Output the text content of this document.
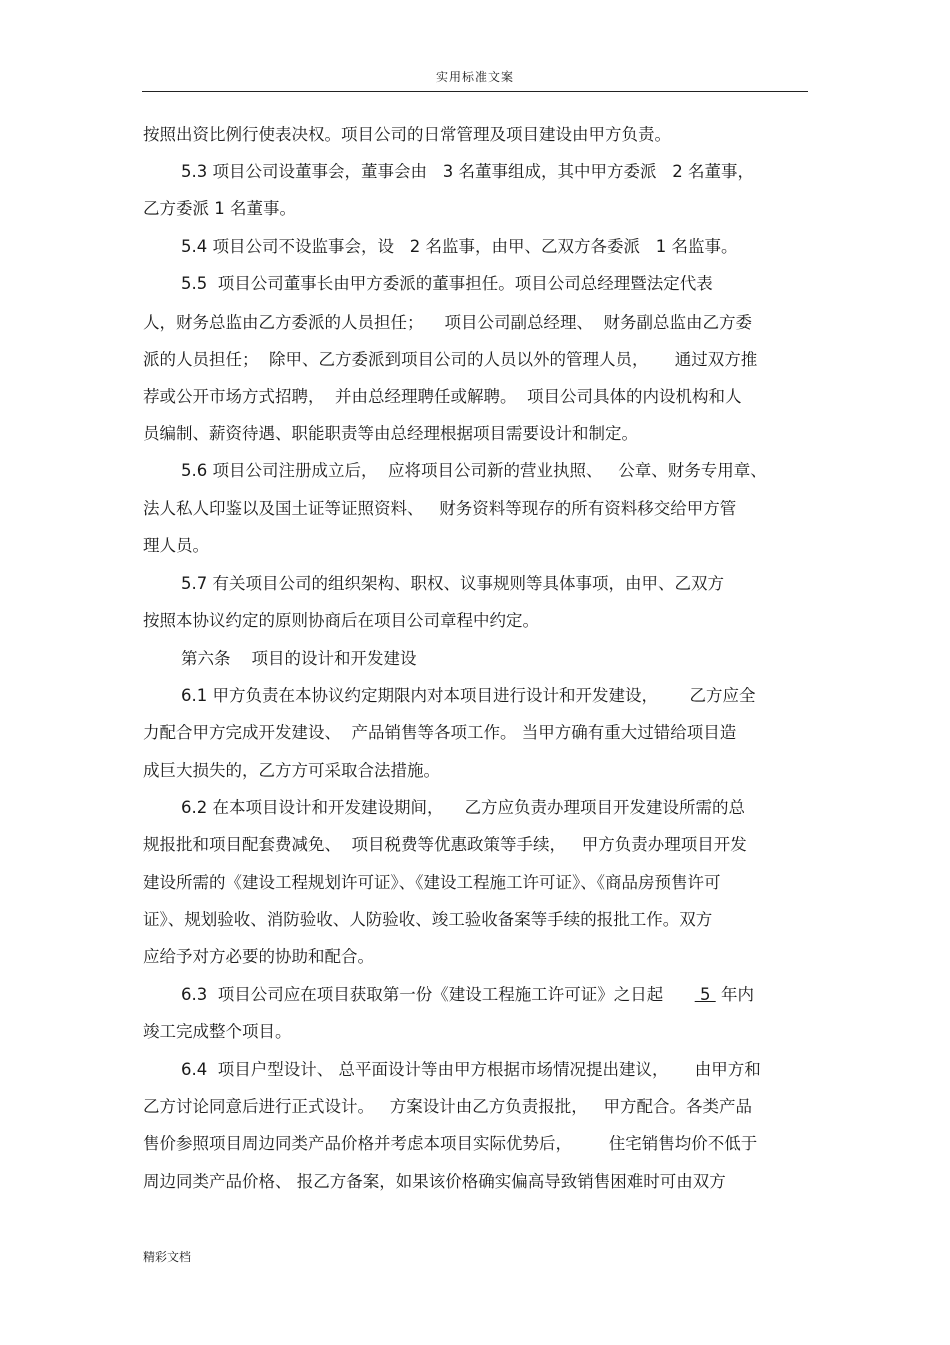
实用标准文案
按照出资比例行使表决权。项目公司的日常管理及项目建设由甲方负责。
5.3 项目公司设董事会，董事会由   3 名董事组成，其中甲方委派   2 名董事，
乙方委派 1 名董事。
5.4 项目公司不设监事会，设   2 名监事，由甲、乙双方各委派   1 名监事。
5.5  项目公司董事长由甲方委派的董事担任。项目公司总经理暨法定代表
人，财务总监由乙方委派的人员担任；    项目公司副总经理、  财务副总监由乙方委
派的人员担任；  除甲、乙方委派到项目公司的人员以外的管理人员，     通过双方推
荐或公开市场方式招聘，  并由总经理聘任或解聘。  项目公司具体的内设机构和人
员编制、薪资待遇、职能职责等由总经理根据项目需要设计和制定。
5.6 项目公司注册成立后，  应将项目公司新的营业执照、   公章、财务专用章、
法人私人印鉴以及国土证等证照资料、   财务资料等现存的所有资料移交给甲方管
理人员。
5.7 有关项目公司的组织架构、职权、议事规则等具体事项，由甲、乙双方
按照本协议约定的原则协商后在项目公司章程中约定。
第六条    项目的设计和开发建设
6.1 甲方负责在本协议约定期限内对本项目进行设计和开发建设，      乙方应全
力配合甲方完成开发建设、  产品销售等各项工作。 当甲方确有重大过错给项目造
成巨大损失的，乙方方可采取合法措施。
6.2 在本项目设计和开发建设期间，    乙方应负责办理项目开发建设所需的总
规报批和项目配套费减免、  项目税费等优惠政策等手续，   甲方负责办理项目开发
建设所需的《建设工程规划许可证》、《建设工程施工许可证》、《商品房预售许可
证》、规划验收、消防验收、人防验收、竣工验收备案等手续的报批工作。双方
应给予对方必要的协助和配合。
6.3  项目公司应在项目获取第一份《建设工程施工许可证》之日起       5  年内
竣工完成整个项目。
6.4  项目户型设计、 总平面设计等由甲方根据市场情况提出建议，     由甲方和
乙方讨论同意后进行正式设计。   方案设计由乙方负责报批，   甲方配合。各类产品
售价参照项目周边同类产品价格并考虑本项目实际优势后，       住宅销售均价不低于
周边同类产品价格、 报乙方备案，如果该价格确实偏高导致销售困难时可由双方
精彩文档
